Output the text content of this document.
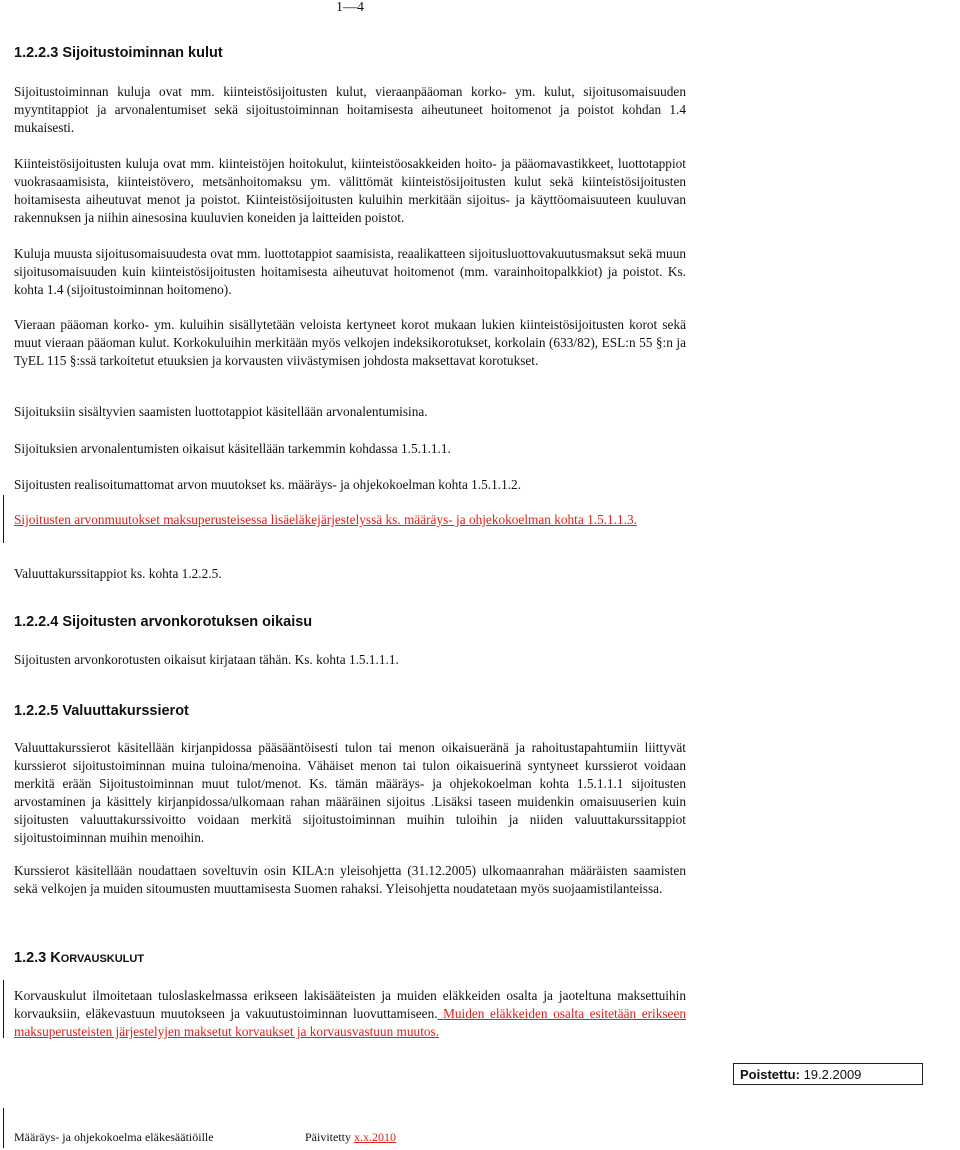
1—4
1.2.2.3 Sijoitustoiminnan kulut

Sijoitustoiminnan kuluja ovat mm. kiinteistösijoitusten kulut, vieraanpääoman korko- ym. kulut, sijoitusomaisuuden myyntitappiot ja arvonalentumiset sekä sijoitustoiminnan hoitamisesta aiheutuneet hoitomenot ja poistot kohdan 1.4 mukaisesti.

Kiinteistösijoitusten kuluja ovat mm. kiinteistöjen hoitokulut, kiinteistöosakkeiden hoito- ja pääomavastikkeet, luottotappiot vuokrasaamisista, kiinteistövero, metsänhoitomaksu ym. välittömät kiinteistösijoitusten kulut sekä kiinteistösijoitusten hoitamisesta aiheutuvat menot ja poistot. Kiinteistösijoitusten kuluihin merkitään sijoitus- ja käyttöomaisuuteen kuuluvan rakennuksen ja niihin ainesosina kuuluvien koneiden ja laitteiden poistot.

Kuluja muusta sijoitusomaisuudesta ovat mm. luottotappiot saamisista, reaalikatteen sijoitusluottovakuutusmaksut sekä muun sijoitusomaisuuden kuin kiinteistösijoitusten hoitamisesta aiheutuvat hoitomenot (mm. varainhoitopalkkiot) ja poistot. Ks. kohta 1.4 (sijoitustoiminnan hoitomeno).

Vieraan pääoman korko- ym. kuluihin sisällytetään veloista kertyneet korot mukaan lukien kiinteistösijoitusten korot sekä muut vieraan pääoman kulut. Korkokuluihin merkitään myös velkojen indeksikorotukset, korkolain (633/82), ESL:n 55 §:n ja TyEL 115 §:ssä tarkoitetut etuuksien ja korvausten viivästymisen johdosta maksettavat korotukset.

Sijoituksiin sisältyvien saamisten luottotappiot käsitellään arvonalentumisina.

Sijoituksien arvonalentumisten oikaisut käsitellään tarkemmin kohdassa 1.5.1.1.1.

Sijoitusten realisoitumattomat arvon muutokset ks. määräys- ja ohjekokoelman kohta 1.5.1.1.2.

Sijoitusten arvonmuutokset maksuperusteisessa lisäeläkejärjestelyssä ks. määräys- ja ohjekokoelman kohta 1.5.1.1.3.

Valuuttakurssitappiot ks. kohta 1.2.2.5.

1.2.2.4 Sijoitusten arvonkorotuksen oikaisu

Sijoitusten arvonkorotusten oikaisut kirjataan tähän. Ks. kohta 1.5.1.1.1.

1.2.2.5 Valuuttakurssierot

Valuuttakurssierot käsitellään kirjanpidossa pääsääntöisesti tulon tai menon oikaisueränä ja rahoitustapahtumiin liittyvät kurssierot sijoitustoiminnan muina tuloina/menoina. Vähäiset menon tai tulon oikaisuerinä syntyneet kurssierot voidaan merkitä erään Sijoitustoiminnan muut tulot/menot. Ks. tämän määräys- ja ohjekokoelman kohta 1.5.1.1.1 sijoitusten arvostaminen ja käsittely kirjanpidossa/ulkomaan rahan määräinen sijoitus .Lisäksi taseen muidenkin omaisuuserien kuin sijoitusten valuuttakurssivoitto voidaan merkitä sijoitustoiminnan muihin tuloihin ja niiden valuuttakurssitappiot sijoitustoiminnan muihin menoihin.

Kurssierot käsitellään noudattaen soveltuvin osin KILA:n yleisohjetta (31.12.2005) ulkomaanrahan määräisten saamisten sekä velkojen ja muiden sitoumusten muuttamisesta Suomen rahaksi. Yleisohjetta noudatetaan myös suojaamistilanteissa.

1.2.3 KORVAUSKULUT

Korvauskulut ilmoitetaan tuloslaskelmassa erikseen lakisääteisten ja muiden eläkkeiden osalta ja jaoteltuna maksettuihin korvauksiin, eläkevastuun muutokseen ja vakuutustoiminnan luovuttamiseen. Muiden eläkkeiden osalta esitetään erikseen maksuperusteisten järjestelyjen maksetut korvaukset ja korvausvastuun muutos.

Poistettu: 19.2.2009
Määräys- ja ohjekokoelma eläkesäätiöille	Päivitetty x.x.2010
